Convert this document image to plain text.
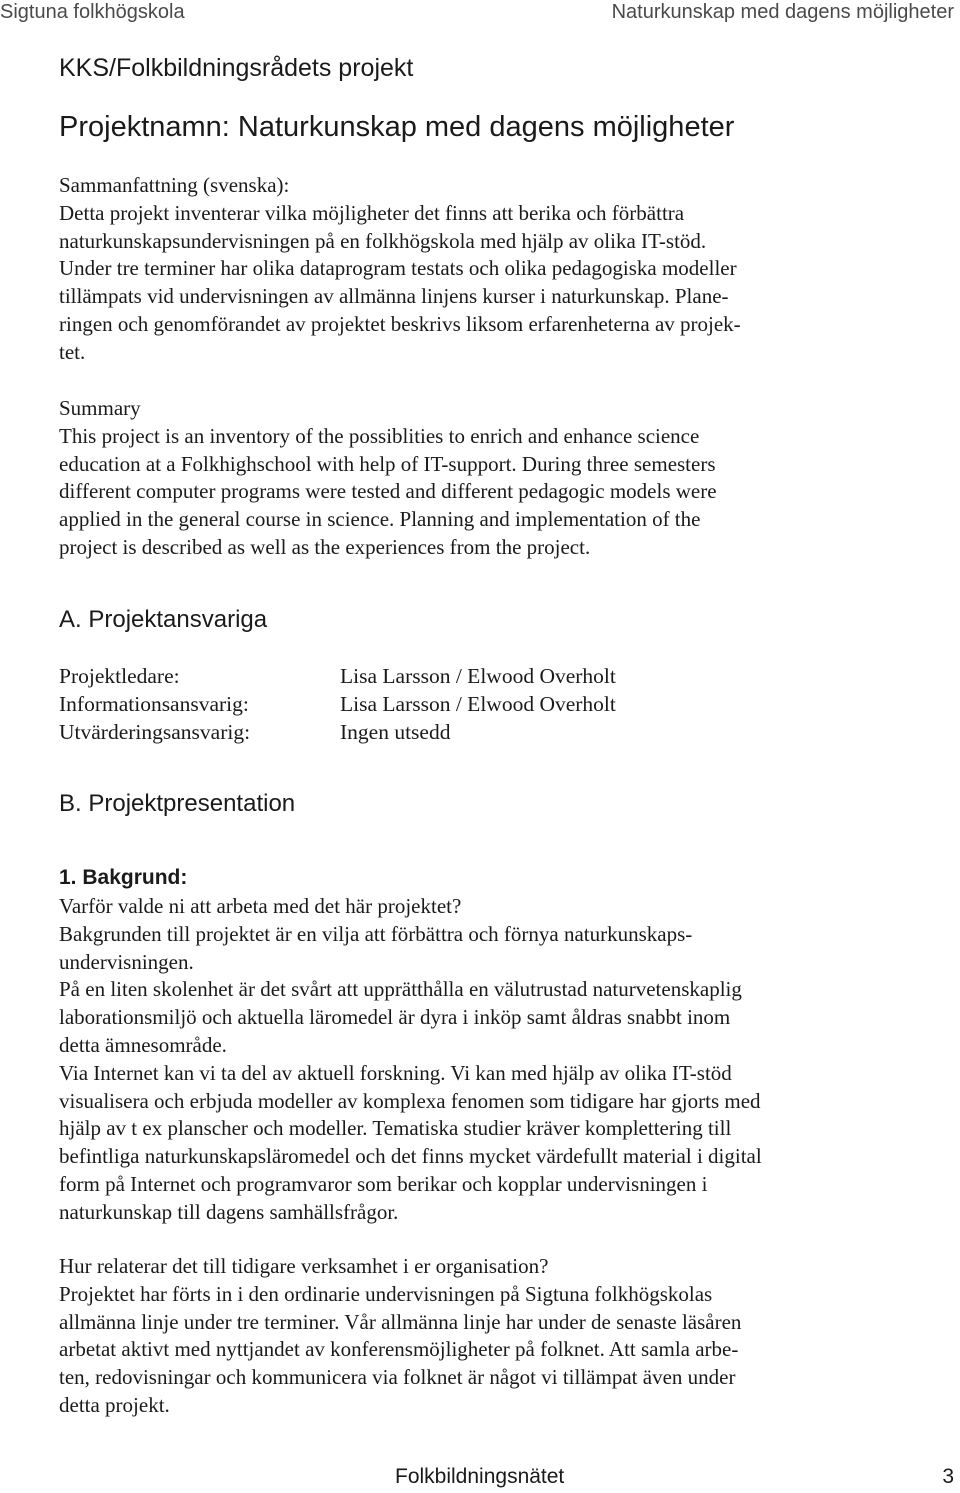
Sigtuna folkhögskola	Naturkunskap med dagens möjligheter
KKS/Folkbildningsrådets projekt
Projektnamn: Naturkunskap med dagens möjligheter

Sammanfattning (svenska):

Detta projekt inventerar vilka möjligheter det finns att berika och förbättra

naturkunskapsundervisningen på en folkhögskola med hjälp av olika IT-stöd.

Under tre terminer har olika dataprogram testats och olika pedagogiska modeller

tillämpats vid undervisningen av allmänna linjens kurser i naturkunskap. Plane-

ringen och genomförandet av projektet beskrivs liksom erfarenheterna av projek-

tet.

Summary

This project is an inventory of the possiblities to enrich and enhance science

education at a Folkhighschool with help of IT-support. During three semesters

different computer programs were tested and different pedagogic models were

applied in the general course in science. Planning and implementation of the

project is described as well as the experiences from the project.

A. Projektansvariga
Projektledare:	Lisa Larsson / Elwood Overholt
Informationsansvarig:	Lisa Larsson / Elwood Overholt
Utvärderingsansvarig:	Ingen utsedd
B. Projektpresentation
1. Bakgrund:

Varför valde ni att arbeta med det här projektet?

Bakgrunden till projektet är en vilja att förbättra och förnya naturkunskaps-

undervisningen.

På en liten skolenhet är det svårt att upprätthålla en välutrustad naturvetenskaplig

laborationsmiljö och aktuella läromedel är dyra i inköp samt åldras snabbt inom

detta ämnesområde.

Via Internet kan vi ta del av aktuell forskning. Vi kan med hjälp av olika IT-stöd

visualisera och erbjuda modeller av komplexa fenomen som tidigare har gjorts med

hjälp av t ex planscher och modeller. Tematiska studier kräver komplettering till

befintliga naturkunskapsläromedel och det finns mycket värdefullt material i digital

form på Internet och programvaror som berikar och kopplar undervisningen i

naturkunskap till dagens samhällsfrågor.

Hur relaterar det till tidigare verksamhet i er organisation?

Projektet har förts in i den ordinarie undervisningen på Sigtuna folkhögskolas

allmänna linje under tre terminer. Vår allmänna linje har under de senaste läsåren

arbetat aktivt med nyttjandet av konferensmöjligheter på folknet. Att samla arbe-

ten, redovisningar och kommunicera via folknet är något vi tillämpat även under

detta projekt.

Folkbildningsnätet	3
